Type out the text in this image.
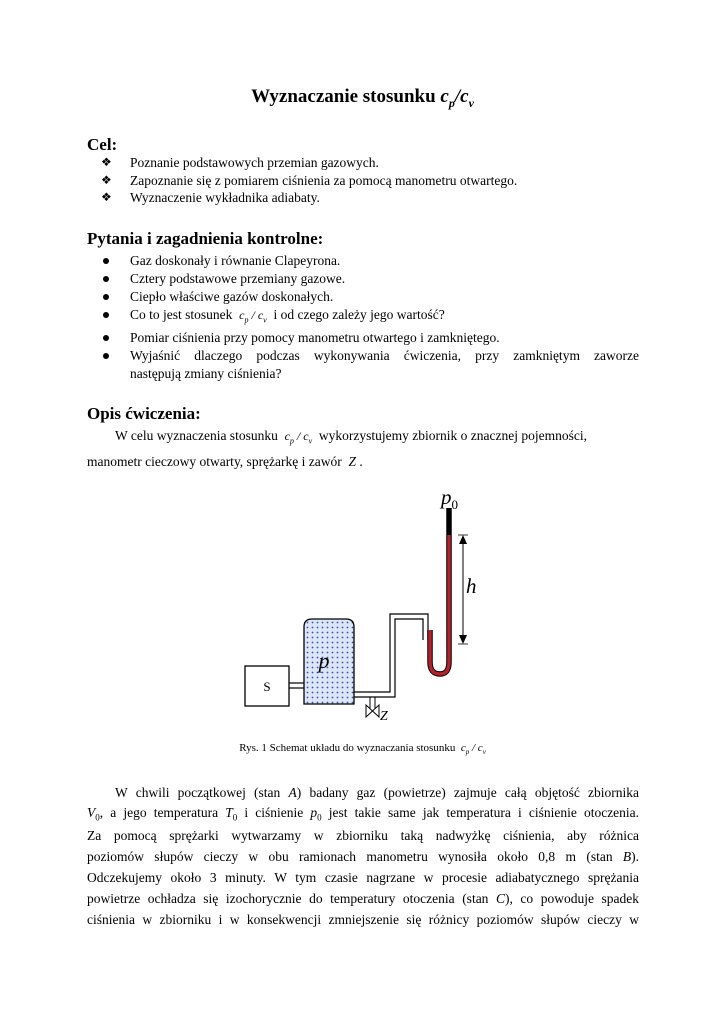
Wyznaczanie stosunku $c_p/c_v$
Cel:
❖ Poznanie podstawowych przemian gazowych.
❖ Zapoznanie się z pomiarem ciśnienia za pomocą manometru otwartego.
❖ Wyznaczenie wykładnika adiabaty.
Pytania i zagadnienia kontrolne:
Gaz doskonały i równanie Clapeyrona.
Cztery podstawowe przemiany gazowe.
Ciepło właściwe gazów doskonałych.
Co to jest stosunek $c_p / c_v$ i od czego zależy jego wartość?
Pomiar ciśnienia przy pomocy manometru otwartego i zamkniętego.
Wyjaśnić dlaczego podczas wykonywania ćwiczenia, przy zamkniętym zaworze
następują zmiany ciśnienia?
Opis ćwiczenia:
W celu wyznaczenia stosunku $c_p / c_v$ wykorzystujemy zbiornik o znacznej pojemności,
manometr cieczowy otwarty, sprężarkę i zawór Z .
S
p
Z
h
$p_0$
Rys. 1 Schemat układu do wyznaczania stosunku $c_p / c_v$
W chwili początkowej (stan A) badany gaz (powietrze) zajmuje całą objętość zbiornika
$V_0$, a jego temperatura $T_0$ i ciśnienie $p_0$ jest takie same jak temperatura i ciśnienie otoczenia.
Za pomocą sprężarki wytwarzamy w zbiorniku taką nadwyżkę ciśnienia, aby różnica
poziomów słupów cieczy w obu ramionach manometru wynosiła około 0,8 m (stan B).
Odczekujemy około 3 minuty. W tym czasie nagrzane w procesie adiabatycznego sprężania
powietrze ochładza się izochorycznie do temperatury otoczenia (stan C), co powoduje spadek
ciśnienia w zbiorniku i w konsekwencji zmniejszenie się różnicy poziomów słupów cieczy w
